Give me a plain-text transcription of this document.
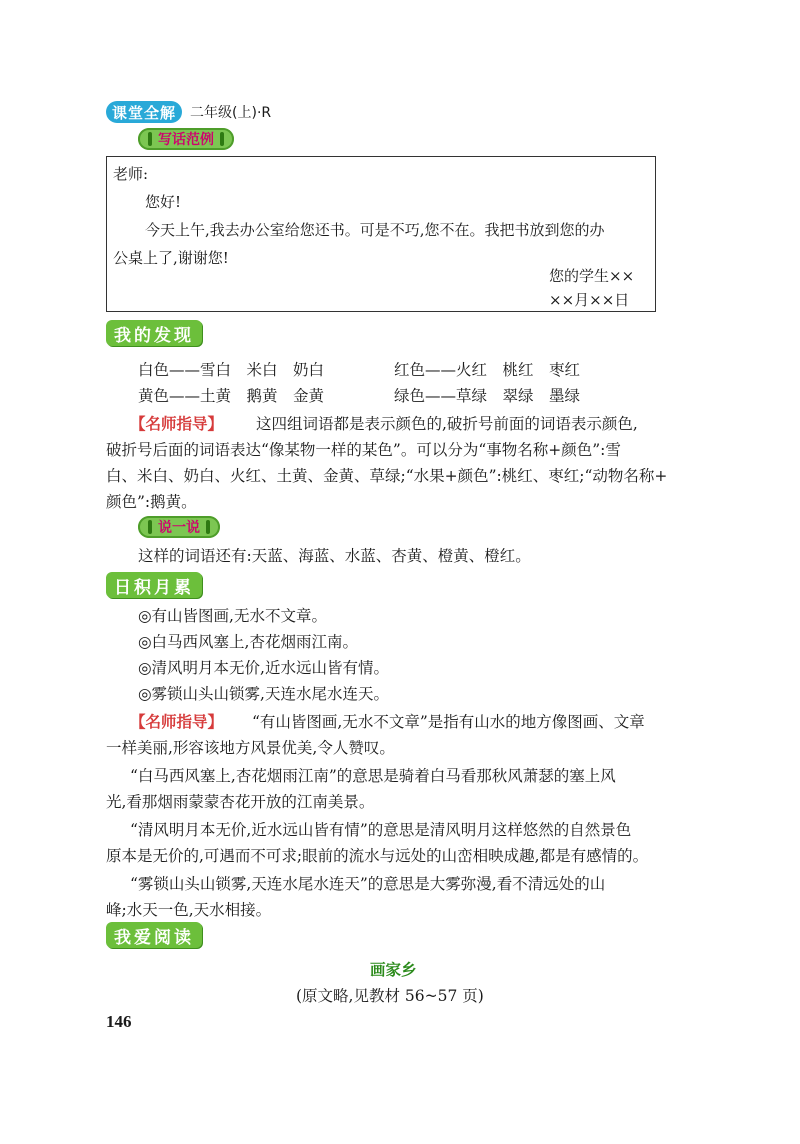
课堂全解	二年级(上)·R
写话范例
老师:
您好!
今天上午,我去办公室给您还书。可是不巧,您不在。我把书放到您的办
公桌上了,谢谢您!
您的学生××
××月××日
我的发现
白色——雪白　米白　奶白	红色——火红　桃红　枣红
黄色——土黄　鹅黄　金黄	绿色——草绿　翠绿　墨绿
【名师指导】 这四组词语都是表示颜色的,破折号前面的词语表示颜色,
破折号后面的词语表达“像某物一样的某色”。可以分为“事物名称+颜色”:雪
白、米白、奶白、火红、土黄、金黄、草绿;“水果+颜色”:桃红、枣红;“动物名称+
颜色”:鹅黄。
说一说
这样的词语还有:天蓝、海蓝、水蓝、杏黄、橙黄、橙红。
日积月累
◎有山皆图画,无水不文章。
◎白马西风塞上,杏花烟雨江南。
◎清风明月本无价,近水远山皆有情。
◎雾锁山头山锁雾,天连水尾水连天。
【名师指导】 “有山皆图画,无水不文章”是指有山水的地方像图画、文章
一样美丽,形容该地方风景优美,令人赞叹。
“白马西风塞上,杏花烟雨江南”的意思是骑着白马看那秋风萧瑟的塞上风
光,看那烟雨蒙蒙杏花开放的江南美景。
“清风明月本无价,近水远山皆有情”的意思是清风明月这样悠然的自然景色
原本是无价的,可遇而不可求;眼前的流水与远处的山峦相映成趣,都是有感情的。
“雾锁山头山锁雾,天连水尾水连天”的意思是大雾弥漫,看不清远处的山
峰;水天一色,天水相接。
我爱阅读
画家乡
(原文略,见教材 56~57 页)
146
